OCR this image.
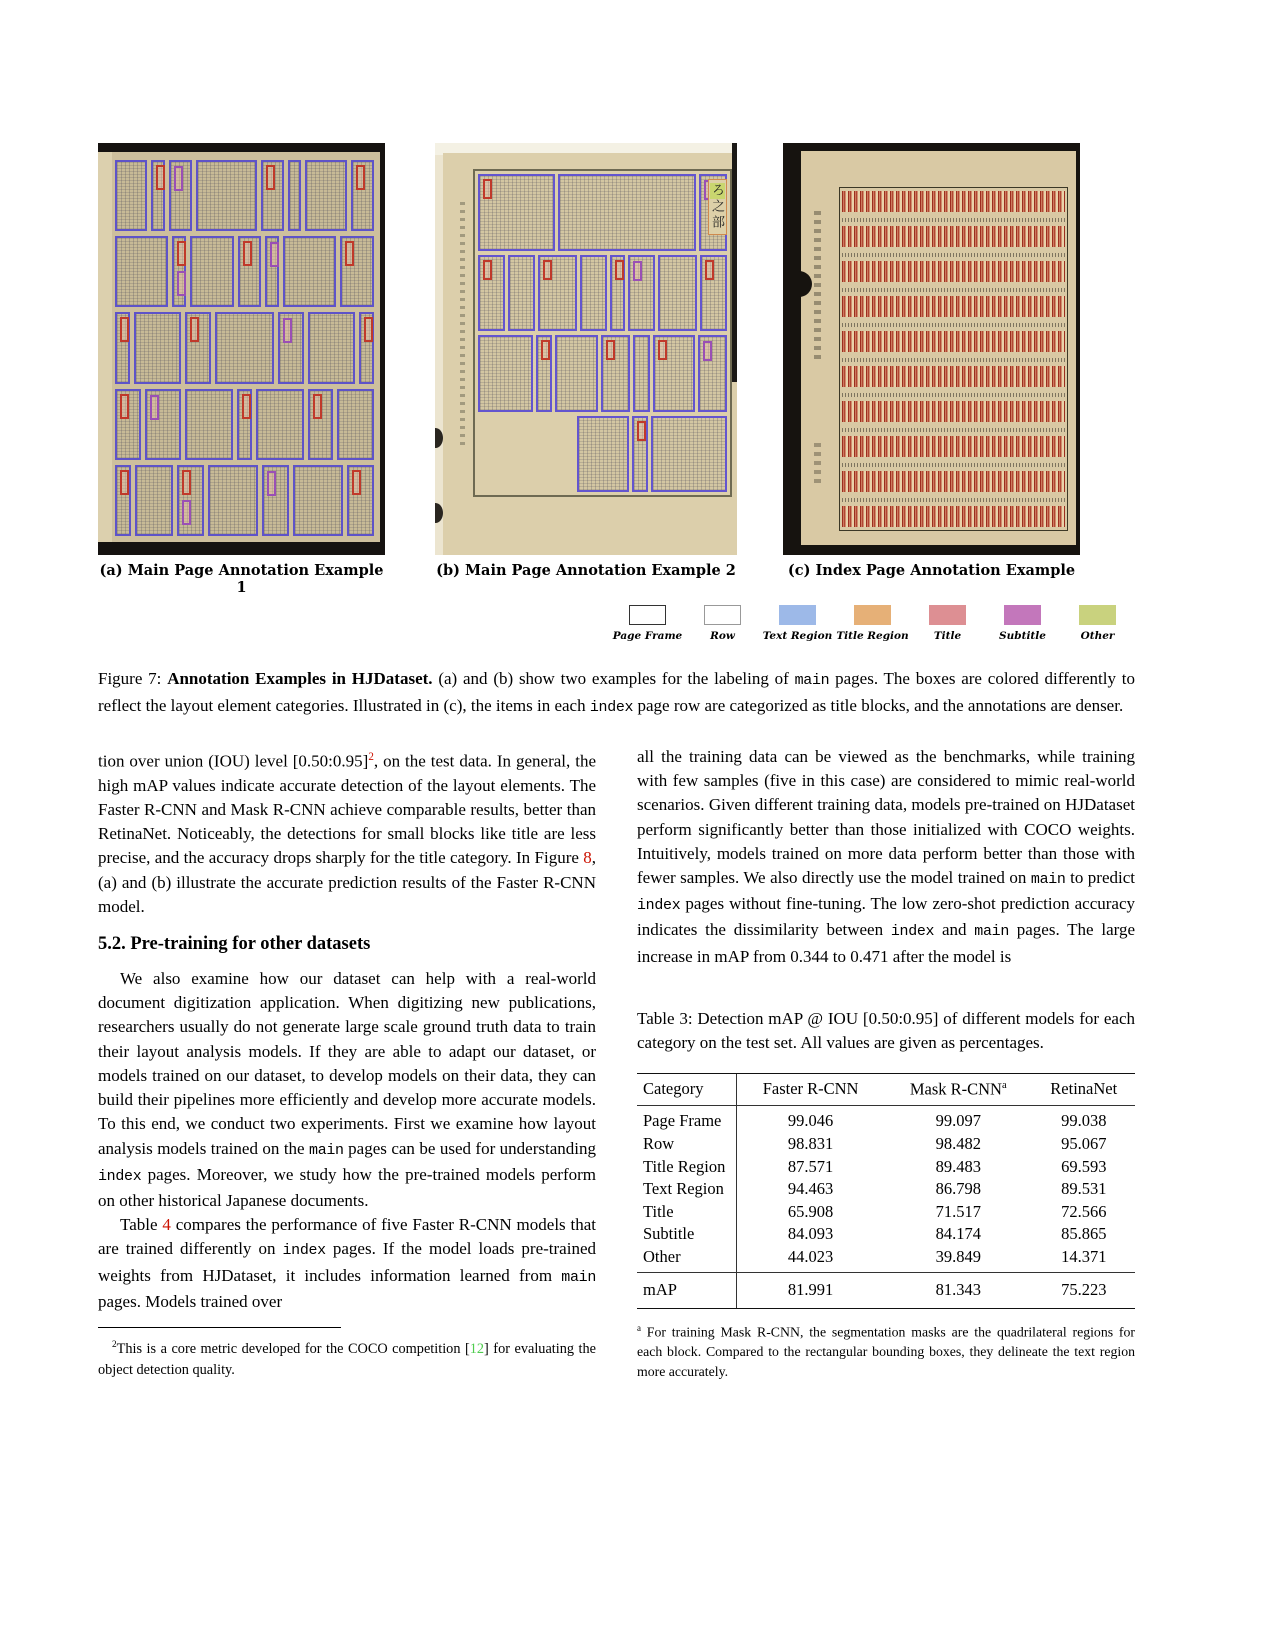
ろ之部
(a) Main Page Annotation Example 1
(b) Main Page Annotation Example 2	(c) Index Page Annotation Example
Page Frame	Row	Text Region Title Region Title	Subtitle	Other

Figure 7: Annotation Examples in HJDataset. (a) and (b) show two examples for the labeling of main pages. The boxes are colored differently to reflect the layout element categories. Illustrated in (c), the items in each index page row are categorized as title blocks, and the annotations are denser.

tion over union (IOU) level [0.50:0.95]$^2$, on the test data. In general, the high mAP values indicate accurate detection of the layout elements. The Faster R-CNN and Mask R-CNN achieve comparable results, better than RetinaNet. Noticeably, the detections for small blocks like title are less precise, and the accuracy drops sharply for the title category. In Figure 8, (a) and (b) illustrate the accurate prediction results of the Faster R-CNN model.

5.2. Pre-training for other datasets

We also examine how our dataset can help with a real-world document digitization application. When digitizing new publications, researchers usually do not generate large scale ground truth data to train their layout analysis models. If they are able to adapt our dataset, or models trained on our dataset, to develop models on their data, they can build their pipelines more efficiently and develop more accurate models. To this end, we conduct two experiments. First we examine how layout analysis models trained on the main pages can be used for understanding index pages. Moreover, we study how the pre-trained models perform on other historical Japanese documents.

Table 4 compares the performance of five Faster R-CNN models that are trained differently on index pages. If the model loads pre-trained weights from HJDataset, it includes information learned from main pages. Models trained over

$^2$This is a core metric developed for the COCO competition [12] for evaluating the object detection quality.

all the training data can be viewed as the benchmarks, while training with few samples (five in this case) are considered to mimic real-world scenarios. Given different training data, models pre-trained on HJDataset perform significantly better than those initialized with COCO weights. Intuitively, models trained on more data perform better than those with fewer samples. We also directly use the model trained on main to predict index pages without fine-tuning. The low zero-shot prediction accuracy indicates the dissimilarity between index and main pages. The large increase in mAP from 0.344 to 0.471 after the model is

Table 3: Detection mAP @ IOU [0.50:0.95] of different models for each category on the test set. All values are given as percentages.

Category	Faster R-CNN	Mask R-CNN$^a$	RetinaNet
Page Frame	99.046	99.097	99.038
Row	98.831	98.482	95.067
Title Region	87.571	89.483	69.593
Text Region	94.463	86.798	89.531
Title	65.908	71.517	72.566
Subtitle	84.093	84.174	85.865
Other	44.023	39.849	14.371
mAP	81.991	81.343	75.223

$^a$ For training Mask R-CNN, the segmentation masks are the quadrilateral regions for each block. Compared to the rectangular bounding boxes, they delineate the text region more accurately.
